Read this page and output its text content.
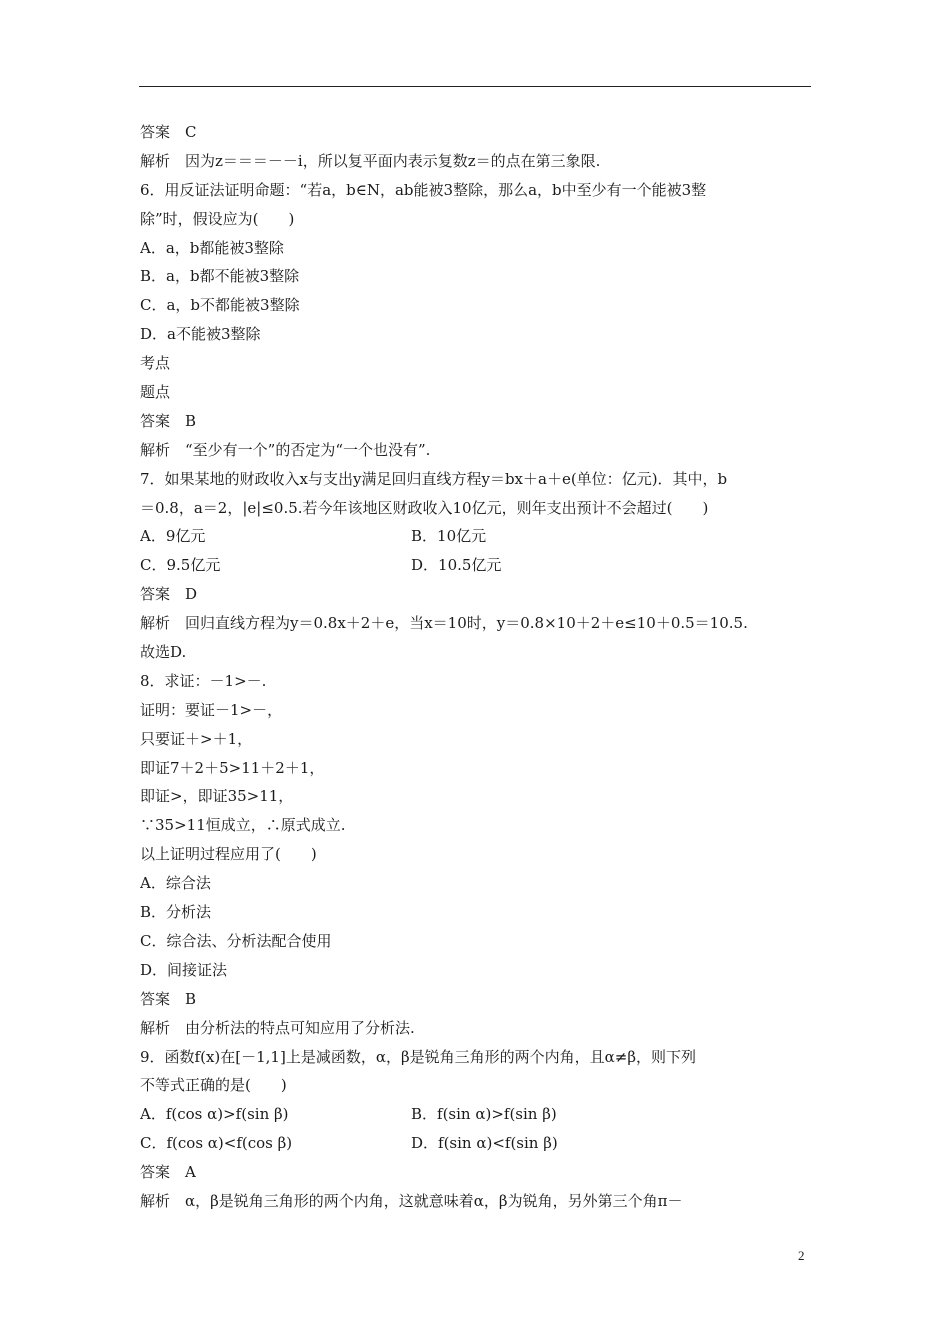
答案　C
解析　因为z＝＝＝－－i，所以复平面内表示复数z＝的点在第三象限.
6．用反证法证明命题：“若a，b∈N，ab能被3整除，那么a，b中至少有一个能被3整
除”时，假设应为(　　)
A．a，b都能被3整除
B．a，b都不能被3整除
C．a，b不都能被3整除
D．a不能被3整除
考点
题点
答案　B
解析　“至少有一个”的否定为“一个也没有”.
7．如果某地的财政收入x与支出y满足回归直线方程y＝bx＋a＋e(单位：亿元)．其中，b
＝0.8，a＝2，|e|≤0.5.若今年该地区财政收入10亿元，则年支出预计不会超过(　　)
A．9亿元	B．10亿元
C．9.5亿元	D．10.5亿元
答案　D
解析　回归直线方程为y＝0.8x＋2＋e，当x＝10时，y＝0.8×10＋2＋e≤10＋0.5＝10.5.
故选D.
8．求证：－1>－.
证明：要证－1>－，
只要证＋>＋1，
即证7＋2＋5>11＋2＋1，
即证>，即证35>11，
∵35>11恒成立，∴原式成立.
以上证明过程应用了(　　)
A．综合法
B．分析法
C．综合法、分析法配合使用
D．间接证法
答案　B
解析　由分析法的特点可知应用了分析法.
9．函数f(x)在[－1,1]上是减函数，α，β是锐角三角形的两个内角，且α≠β，则下列
不等式正确的是(　　)
A．f(cos α)>f(sin β)	B．f(sin α)>f(sin β)
C．f(cos α)<f(cos β)	D．f(sin α)<f(sin β)
答案　A
解析　α，β是锐角三角形的两个内角，这就意味着α，β为锐角，另外第三个角π－
2
